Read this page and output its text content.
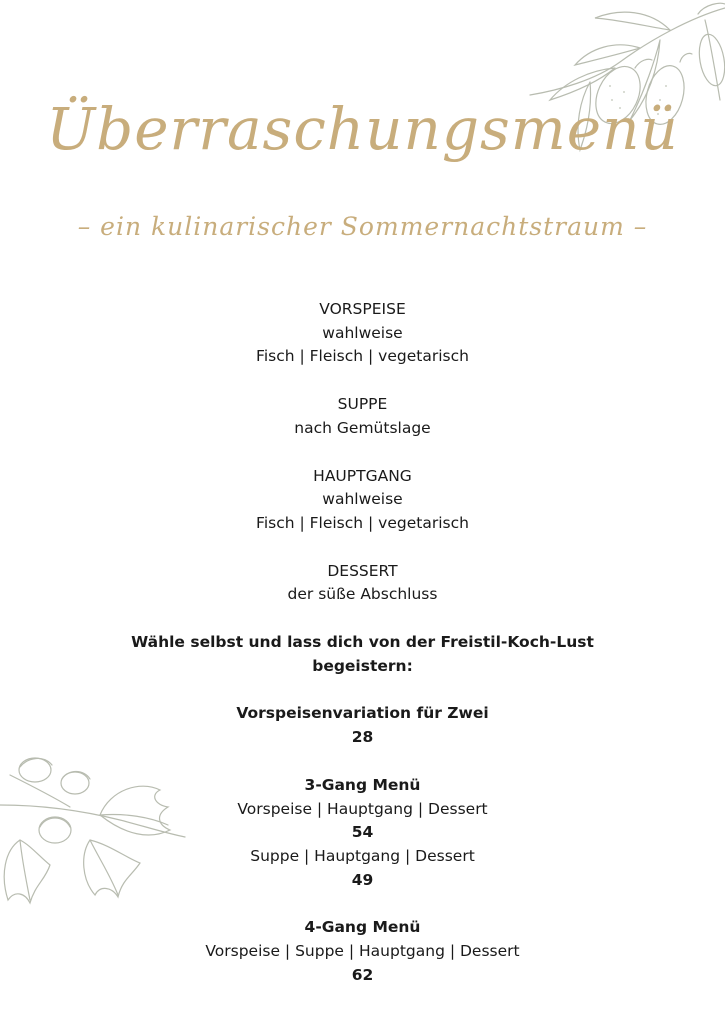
Überraschungsmenü
– ein kulinarischer Sommernachtstraum –
VORSPEISE
wahlweise
Fisch | Fleisch | vegetarisch
SUPPE
nach Gemütslage
HAUPTGANG
wahlweise
Fisch | Fleisch | vegetarisch
DESSERT
der süße Abschluss
Wähle selbst und lass dich von der Freistil-Koch-Lust
begeistern:
Vorspeisenvariation für Zwei
28
3-Gang Menü
Vorspeise | Hauptgang | Dessert
54
Suppe | Hauptgang | Dessert
49
4-Gang Menü
Vorspeise | Suppe | Hauptgang | Dessert
62
